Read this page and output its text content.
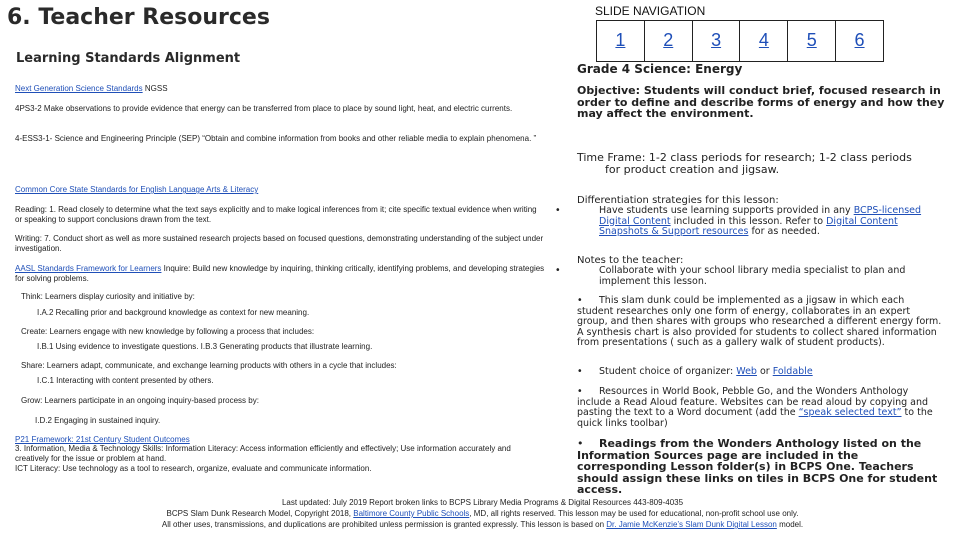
6. Teacher Resources
Learning Standards Alignment
Next Generation Science Standards NGSS
4PS3-2 Make observations to provide evidence that energy can be transferred from place to place by sound light, heat, and electric currents.
4-ESS3-1- Science and Engineering Principle (SEP) “Obtain and combine information from books and other reliable media to explain phenomena. ”
Common Core State Standards for English Language Arts & Literacy
Reading: 1. Read closely to determine what the text says explicitly and to make logical inferences from it; cite specific textual evidence when writing or speaking to support conclusions drawn from the text.
Writing: 7. Conduct short as well as more sustained research projects based on focused questions, demonstrating understanding of the subject under investigation.
AASL Standards Framework for Learners Inquire: Build new knowledge by inquiring, thinking critically, identifying problems, and developing strategies for solving problems.
Think: Learners display curiosity and initiative by:
I.A.2 Recalling prior and background knowledge as context for new meaning.
Create: Learners engage with new knowledge by following a process that includes:
I.B.1 Using evidence to investigate questions. I.B.3 Generating products that illustrate learning.
Share: Learners adapt, communicate, and exchange learning products with others in a cycle that includes:
I.C.1 Interacting with content presented by others.
Grow: Learners participate in an ongoing inquiry-based process by:
I.D.2 Engaging in sustained inquiry.
P21 Framework: 21st Century Student Outcomes
3. Information, Media & Technology Skills: Information Literacy: Access information efficiently and effectively; Use information accurately and creatively for the issue or problem at hand.
ICT Literacy: Use technology as a tool to research, organize, evaluate and communicate information.
SLIDE NAVIGATION
1	2	3	4	5	6
Grade 4 Science: Energy
Objective: Students will conduct brief, focused research in order to define and describe forms of energy and how they may affect the environment.
Time Frame: 1-2 class periods for research; 1-2 class periods
for product creation and jigsaw.
Differentiation strategies for this lesson:
•	Have students use learning supports provided in any BCPS-licensed Digital Content included in this lesson. Refer to Digital Content Snapshots & Support resources for as needed.
Notes to the teacher:
•	Collaborate with your school library media specialist to plan and implement this lesson.
• This slam dunk could be implemented as a jigsaw in which each student researches only one form of energy, collaborates in an expert group, and then shares with groups who researched a different energy form. A synthesis chart is also provided for students to collect shared information from presentations ( such as a gallery walk of student products).
• Student choice of organizer: Web or Foldable
• Resources in World Book, Pebble Go, and the Wonders Anthology include a Read Aloud feature. Websites can be read aloud by copying and pasting the text to a Word document (add the “speak selected text” to the quick links toolbar)
• Readings from the Wonders Anthology listed on the Information Sources page are included in the corresponding Lesson folder(s) in BCPS One. Teachers should assign these links on tiles in BCPS One for student access.
Last updated: July 2019 Report broken links to BCPS Library Media Programs & Digital Resources 443-809-4035
BCPS Slam Dunk Research Model, Copyright 2018, Baltimore County Public Schools, MD, all rights reserved. This lesson may be used for educational, non-profit school use only.
All other uses, transmissions, and duplications are prohibited unless permission is granted expressly. This lesson is based on Dr. Jamie McKenzie’s Slam Dunk Digital Lesson model.
